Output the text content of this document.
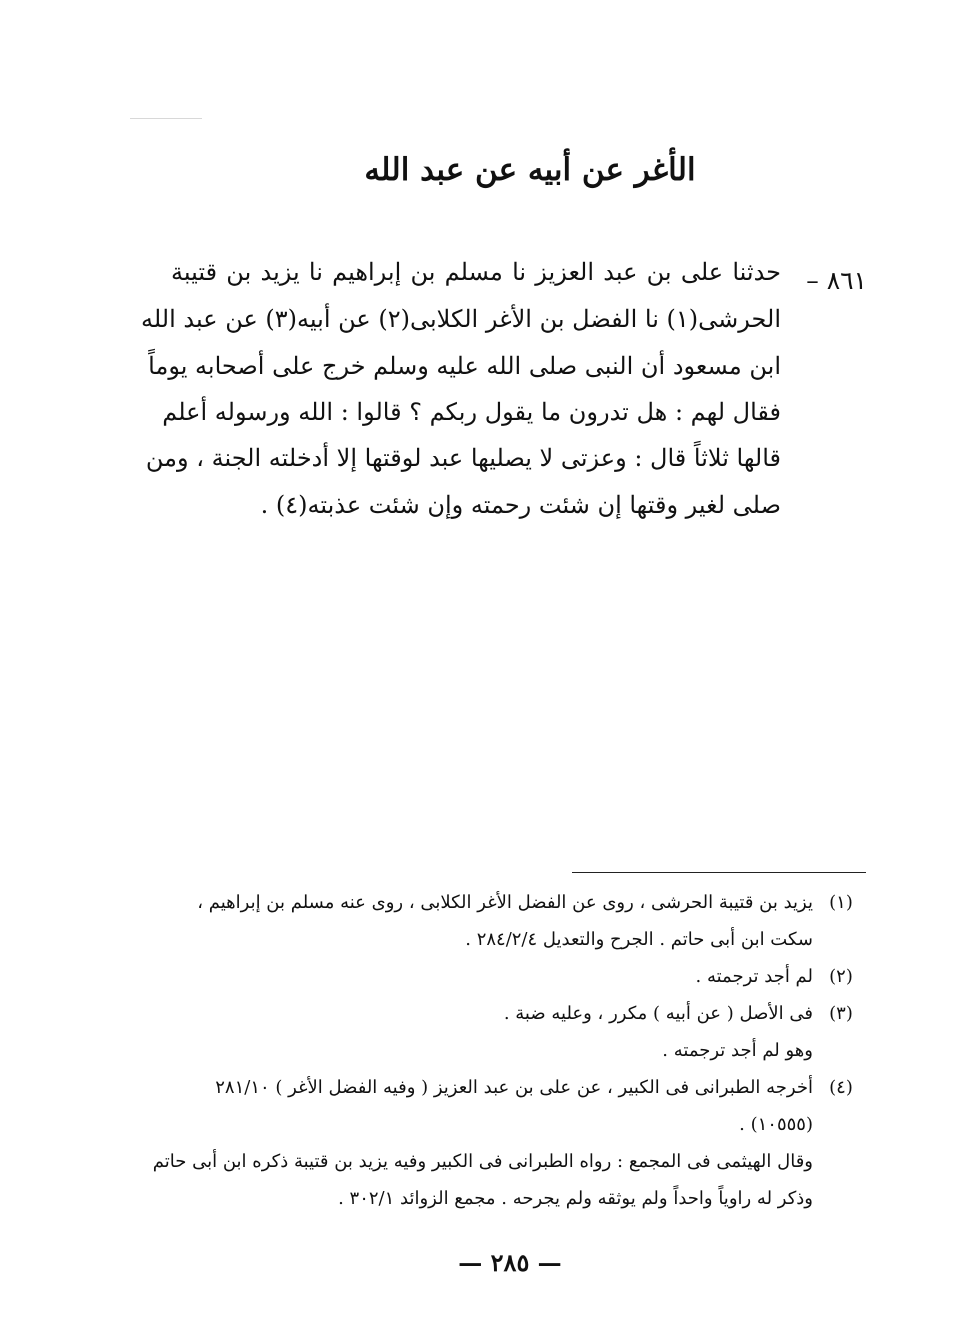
الأغر عن أبيه عن عبد الله
٨٦١ –
حدثنا على بن عبد العزيز نا مسلم بن إبراهيم نا يزيد بن قتيبة
الحرشى(١) نا الفضل بن الأغر الكلابى(٢) عن أبيه(٣) عن عبد الله
ابن مسعود أن النبى صلى الله عليه وسلم خرج على أصحابه يوماً
فقال لهم : هل تدرون ما يقول ربكم ؟ قالوا : الله ورسوله أعلم
قالها ثلاثاً قال : وعزتى لا يصليها عبد لوقتها إلا أدخلته الجنة ، ومن
صلى لغير وقتها إن شئت رحمته وإن شئت عذبته(٤) .
(١)
يزيد بن قتيبة الحرشى ، روى عن الفضل الأغر الكلابى ، روى عنه مسلم بن إبراهيم ،
سكت ابن أبى حاتم . الجرح والتعديل ٢٨٤/٢/٤ .
(٢)
لم أجد ترجمته .
(٣)
فى الأصل ( عن أبيه ) مكرر ، وعليه ضبة .
وهو لم أجد ترجمته .
(٤)
أخرجه الطبرانى فى الكبير ، عن على بن عبد العزيز ( وفيه الفضل الأغر ) ٢٨١/١٠
(١٠٥٥٥) .
وقال الهيثمى فى المجمع : رواه الطبرانى فى الكبير وفيه يزيد بن قتيبة ذكره ابن أبى حاتم
وذكر له راوياً واحداً ولم يوثقه ولم يجرحه . مجمع الزوائد ٣٠٢/١ .
— ٢٨٥ —
